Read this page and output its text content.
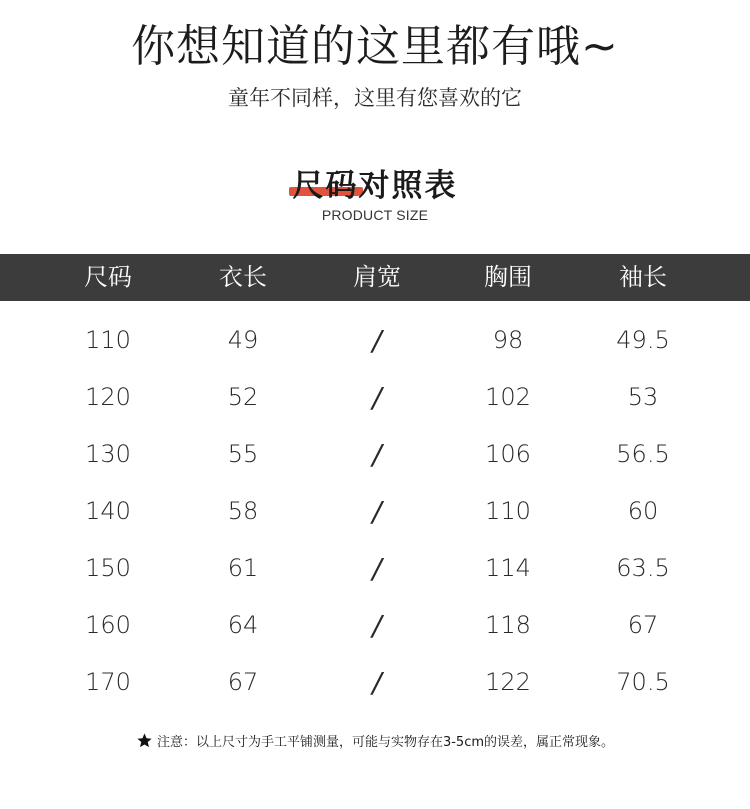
你想知道的这里都有哦~
童年不同样，这里有您喜欢的它
尺码对照表
PRODUCT SIZE
尺码	衣长	肩宽	胸围	袖长
110	49	/	98	49.5
120	52	/	102	53
130	55	/	106	56.5
140	58	/	110	60
150	61	/	114	63.5
160	64	/	118	67
170	67	/	122	70.5
注意：以上尺寸为手工平铺测量，可能与实物存在3-5cm的误差，属正常现象。
